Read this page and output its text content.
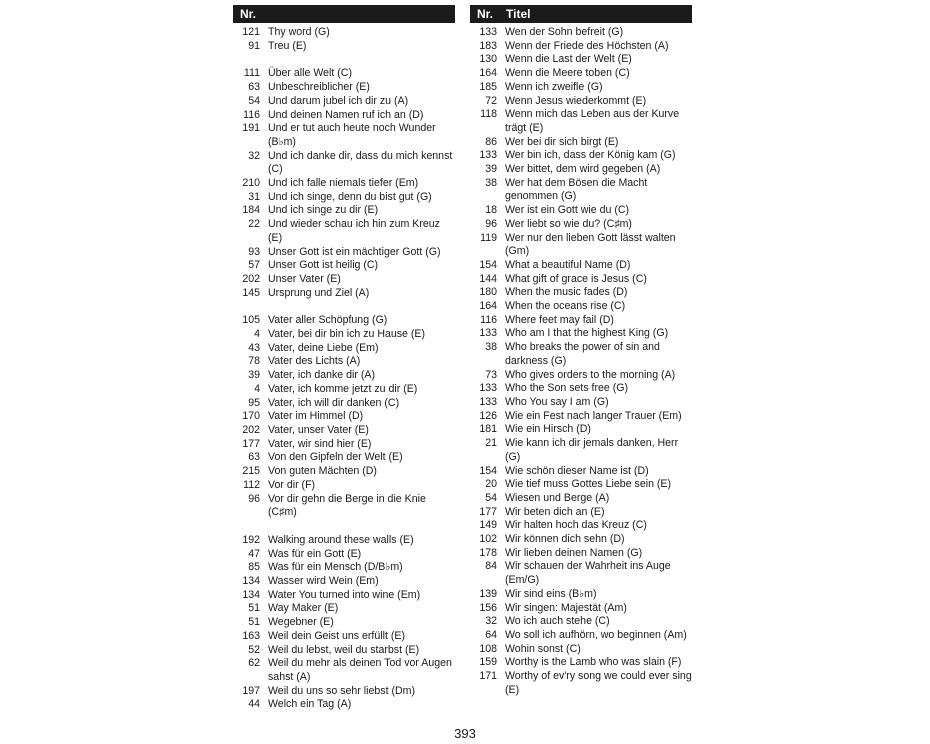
Nr.
121 Thy word (G)
91 Treu (E)
111 Über alle Welt (C)
63 Unbeschreiblicher (E)
54 Und darum jubel ich dir zu (A)
116 Und deinen Namen ruf ich an (D)
191 Und er tut auch heute noch Wunder (B♭m)
32 Und ich danke dir, dass du mich kennst (C)
210 Und ich falle niemals tiefer (Em)
31 Und ich singe, denn du bist gut (G)
184 Und ich singe zu dir (E)
22 Und wieder schau ich hin zum Kreuz (E)
93 Unser Gott ist ein mächtiger Gott (G)
57 Unser Gott ist heilig (C)
202 Unser Vater (E)
145 Ursprung und Ziel (A)
105 Vater aller Schöpfung (G)
4 Vater, bei dir bin ich zu Hause (E)
43 Vater, deine Liebe (Em)
78 Vater des Lichts (A)
39 Vater, ich danke dir (A)
4 Vater, ich komme jetzt zu dir (E)
95 Vater, ich will dir danken (C)
170 Vater im Himmel (D)
202 Vater, unser Vater (E)
177 Vater, wir sind hier (E)
63 Von den Gipfeln der Welt (E)
215 Von guten Mächten (D)
112 Vor dir (F)
96 Vor dir gehn die Berge in die Knie (C♯m)
192 Walking around these walls (E)
47 Was für ein Gott (E)
85 Was für ein Mensch (D/B♭m)
134 Wasser wird Wein (Em)
134 Water You turned into wine (Em)
51 Way Maker (E)
51 Wegebner (E)
163 Weil dein Geist uns erfüllt (E)
52 Weil du lebst, weil du starbst (E)
62 Weil du mehr als deinen Tod vor Augen sahst (A)
197 Weil du uns so sehr liebst (Dm)
44 Welch ein Tag (A)
Nr. Titel
133 Wen der Sohn befreit (G)
183 Wenn der Friede des Höchsten (A)
130 Wenn die Last der Welt (E)
164 Wenn die Meere toben (C)
185 Wenn ich zweifle (G)
72 Wenn Jesus wiederkommt (E)
118 Wenn mich das Leben aus der Kurve trägt (E)
86 Wer bei dir sich birgt (E)
133 Wer bin ich, dass der König kam (G)
39 Wer bittet, dem wird gegeben (A)
38 Wer hat dem Bösen die Macht genommen (G)
18 Wer ist ein Gott wie du (C)
96 Wer liebt so wie du? (C♯m)
119 Wer nur den lieben Gott lässt walten (Gm)
154 What a beautiful Name (D)
144 What gift of grace is Jesus (C)
180 When the music fades (D)
164 When the oceans rise (C)
116 Where feet may fail (D)
133 Who am I that the highest King (G)
38 Who breaks the power of sin and darkness (G)
73 Who gives orders to the morning (A)
133 Who the Son sets free (G)
133 Who You say I am (G)
126 Wie ein Fest nach langer Trauer (Em)
181 Wie ein Hirsch (D)
21 Wie kann ich dir jemals danken, Herr (G)
154 Wie schön dieser Name ist (D)
20 Wie tief muss Gottes Liebe sein (E)
54 Wiesen und Berge (A)
177 Wir beten dich an (E)
149 Wir halten hoch das Kreuz (C)
102 Wir können dich sehn (D)
178 Wir lieben deinen Namen (G)
84 Wir schauen der Wahrheit ins Auge (Em/G)
139 Wir sind eins (B♭m)
156 Wir singen: Majestät (Am)
32 Wo ich auch stehe (C)
64 Wo soll ich aufhörn, wo beginnen (Am)
108 Wohin sonst (C)
159 Worthy is the Lamb who was slain (F)
171 Worthy of ev'ry song we could ever sing (E)
393
